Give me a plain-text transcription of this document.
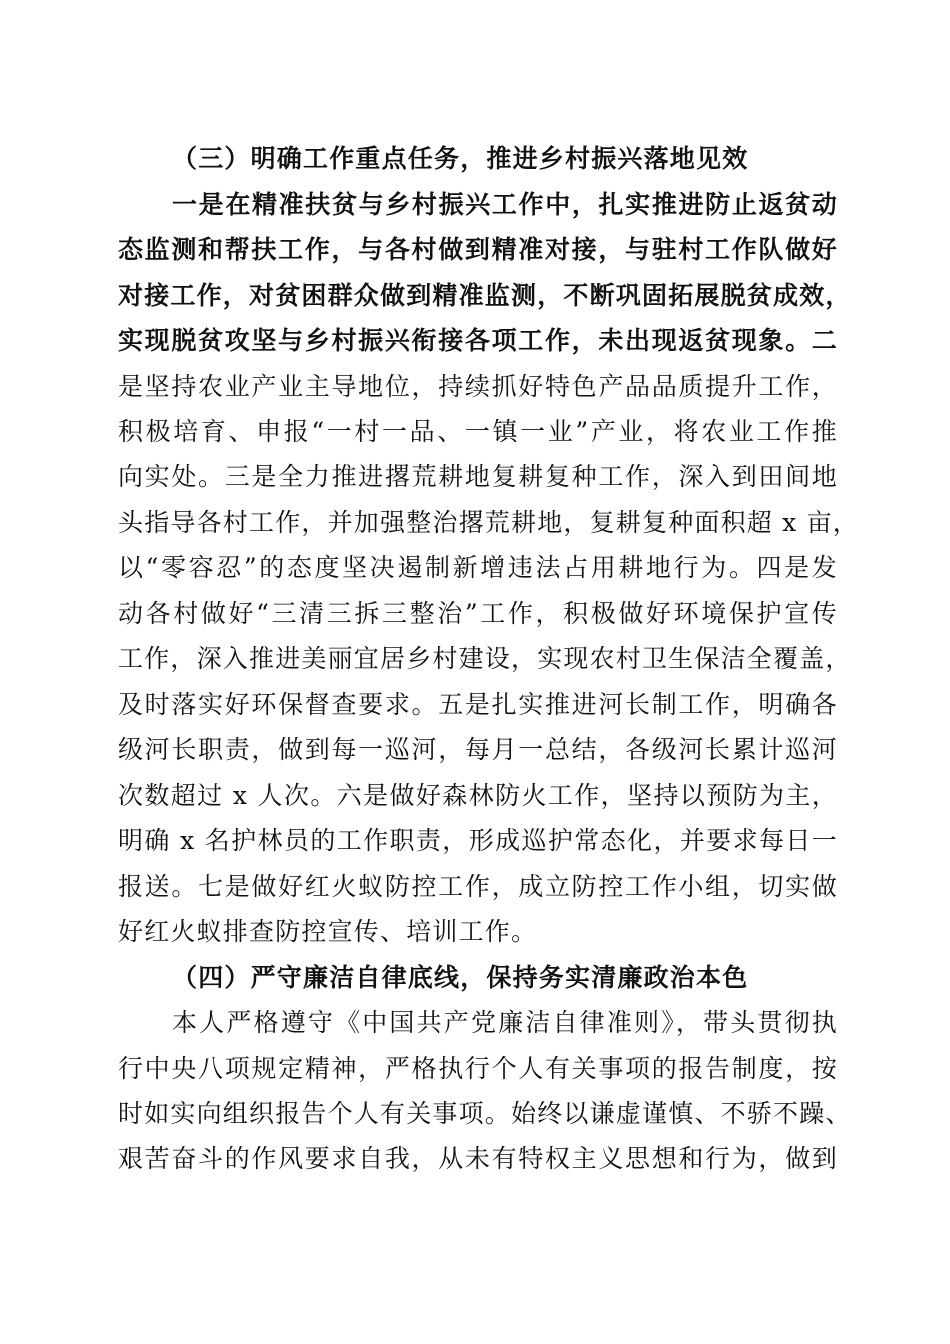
（三）明确工作重点任务，推进乡村振兴落地见效
一是在精准扶贫与乡村振兴工作中，扎实推进防止返贫动
态监测和帮扶工作，与各村做到精准对接，与驻村工作队做好
对接工作，对贫困群众做到精准监测，不断巩固拓展脱贫成效，
实现脱贫攻坚与乡村振兴衔接各项工作，未出现返贫现象。二
是坚持农业产业主导地位，持续抓好特色产品品质提升工作，
积极培育、申报“一村一品、一镇一业”产业，将农业工作推
向实处。三是全力推进撂荒耕地复耕复种工作，深入到田间地
头指导各村工作，并加强整治撂荒耕地，复耕复种面积超 x 亩，
以“零容忍”的态度坚决遏制新增违法占用耕地行为。四是发
动各村做好“三清三拆三整治”工作，积极做好环境保护宣传
工作，深入推进美丽宜居乡村建设，实现农村卫生保洁全覆盖，
及时落实好环保督查要求。五是扎实推进河长制工作，明确各
级河长职责，做到每一巡河，每月一总结，各级河长累计巡河
次数超过 x 人次。六是做好森林防火工作，坚持以预防为主，
明确 x 名护林员的工作职责，形成巡护常态化，并要求每日一
报送。七是做好红火蚁防控工作，成立防控工作小组，切实做
好红火蚁排查防控宣传、培训工作。
（四）严守廉洁自律底线，保持务实清廉政治本色
本人严格遵守《中国共产党廉洁自律准则》，带头贯彻执
行中央八项规定精神，严格执行个人有关事项的报告制度，按
时如实向组织报告个人有关事项。始终以谦虚谨慎、不骄不躁、
艰苦奋斗的作风要求自我，从未有特权主义思想和行为，做到
